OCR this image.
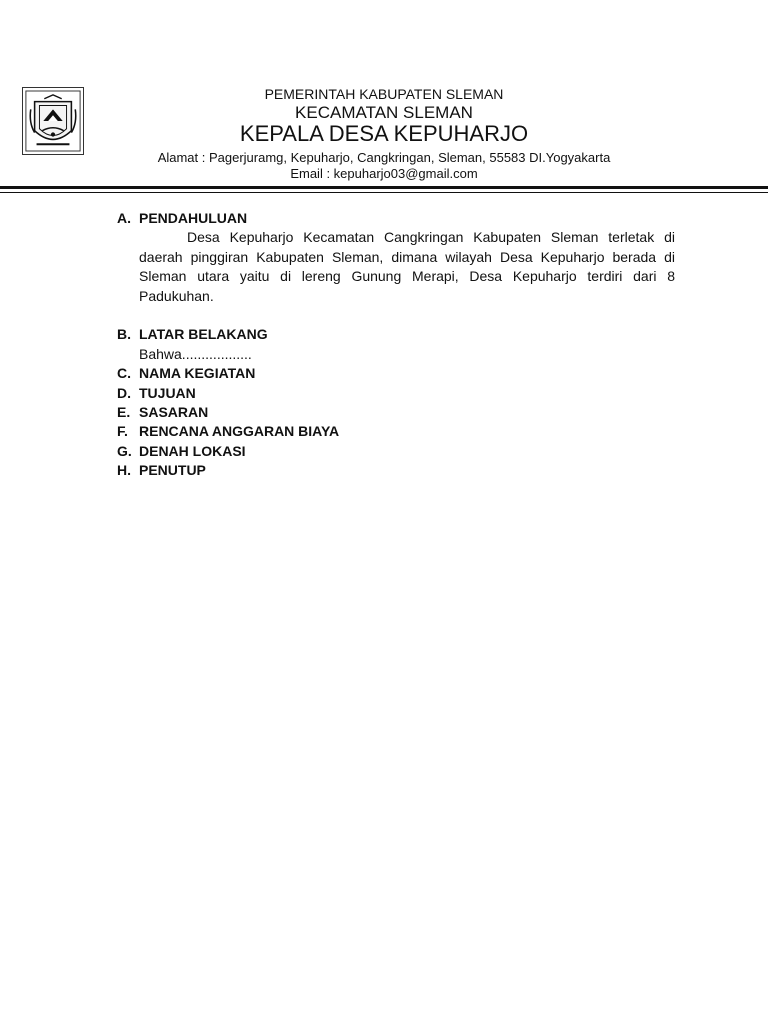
PEMERINTAH KABUPATEN SLEMAN
KECAMATAN SLEMAN
KEPALA DESA KEPUHARJO
Alamat : Pagerjuramg, Kepuharjo, Cangkringan, Sleman, 55583 DI.Yogyakarta
Email : kepuharjo03@gmail.com
A. PENDAHULUAN
Desa Kepuharjo Kecamatan Cangkringan Kabupaten Sleman terletak di daerah pinggiran Kabupaten Sleman, dimana wilayah Desa Kepuharjo berada di Sleman utara yaitu di lereng Gunung Merapi, Desa Kepuharjo terdiri dari 8 Padukuhan.
B. LATAR BELAKANG
Bahwa..................
C. NAMA KEGIATAN
D. TUJUAN
E. SASARAN
F. RENCANA ANGGARAN BIAYA
G. DENAH LOKASI
H. PENUTUP
